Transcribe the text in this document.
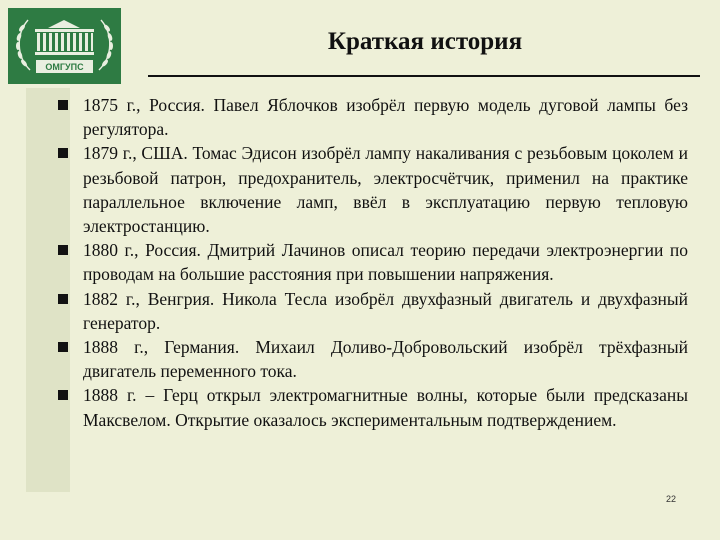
ОМГУПС
Краткая история
1875 г., Россия. Павел Яблочков изобрёл первую модель дуговой лампы без регулятора.
1879 г., США. Томас Эдисон изобрёл лампу накаливания с резьбовым цоколем и резьбовой патрон, предохранитель, электросчётчик, применил на практике параллельное включение ламп, ввёл в эксплуатацию первую тепловую электростанцию.
1880 г., Россия. Дмитрий Лачинов описал теорию передачи электроэнергии по проводам на большие расстояния при повышении напряжения.
1882 г., Венгрия. Никола Тесла изобрёл двухфазный двигатель и двухфазный генератор.
1888 г., Германия. Михаил Доливо-Добровольский изобрёл трёхфазный двигатель переменного тока.
1888 г. – Герц открыл электромагнитные волны, которые были предсказаны Максвелом. Открытие оказалось экспериментальным подтверждением.
22
